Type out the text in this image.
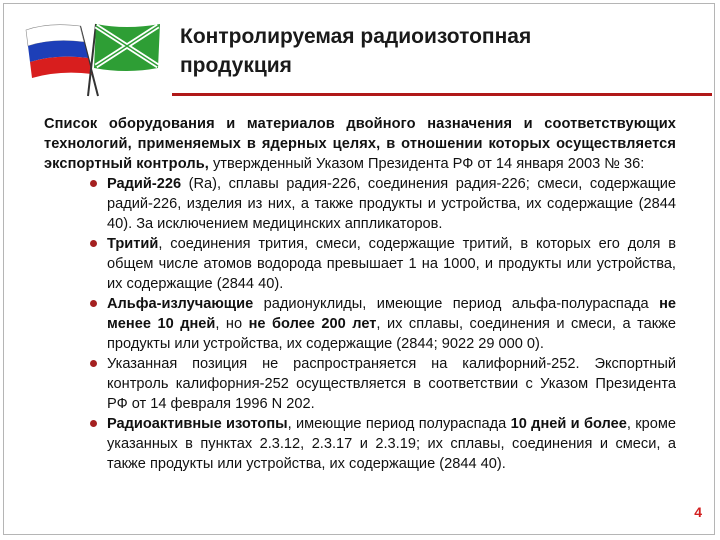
Контролируемая радиоизотопная
продукция
Список оборудования и материалов двойного назначения и соответствующих технологий, применяемых в ядерных целях, в отношении которых осуществляется экспортный контроль, утвержденный Указом Президента РФ от 14 января 2003 № 36:
Радий-226 (Ra), сплавы радия-226, соединения радия-226; смеси, содержащие радий-226, изделия из них, а также продукты и устройства, их содержащие (2844 40). За исключением медицинских аппликаторов.
Тритий, соединения трития, смеси, содержащие тритий, в которых его доля в общем числе атомов водорода превышает 1 на 1000, и продукты или устройства, их содержащие (2844 40).
Альфа-излучающие радионуклиды, имеющие период альфа-полураспада не менее 10 дней, но не более 200 лет, их сплавы, соединения и смеси, а также продукты или устройства, их содержащие (2844; 9022 29 000 0).
Указанная позиция не распространяется на калифорний-252. Экспортный контроль калифорния-252 осуществляется в соответствии с Указом Президента РФ от 14 февраля 1996 N 202.
Радиоактивные изотопы, имеющие период полураспада 10 дней и более, кроме указанных в пунктах 2.3.12, 2.3.17 и 2.3.19; их сплавы, соединения и смеси, а также продукты или устройства, их содержащие (2844 40).
4
